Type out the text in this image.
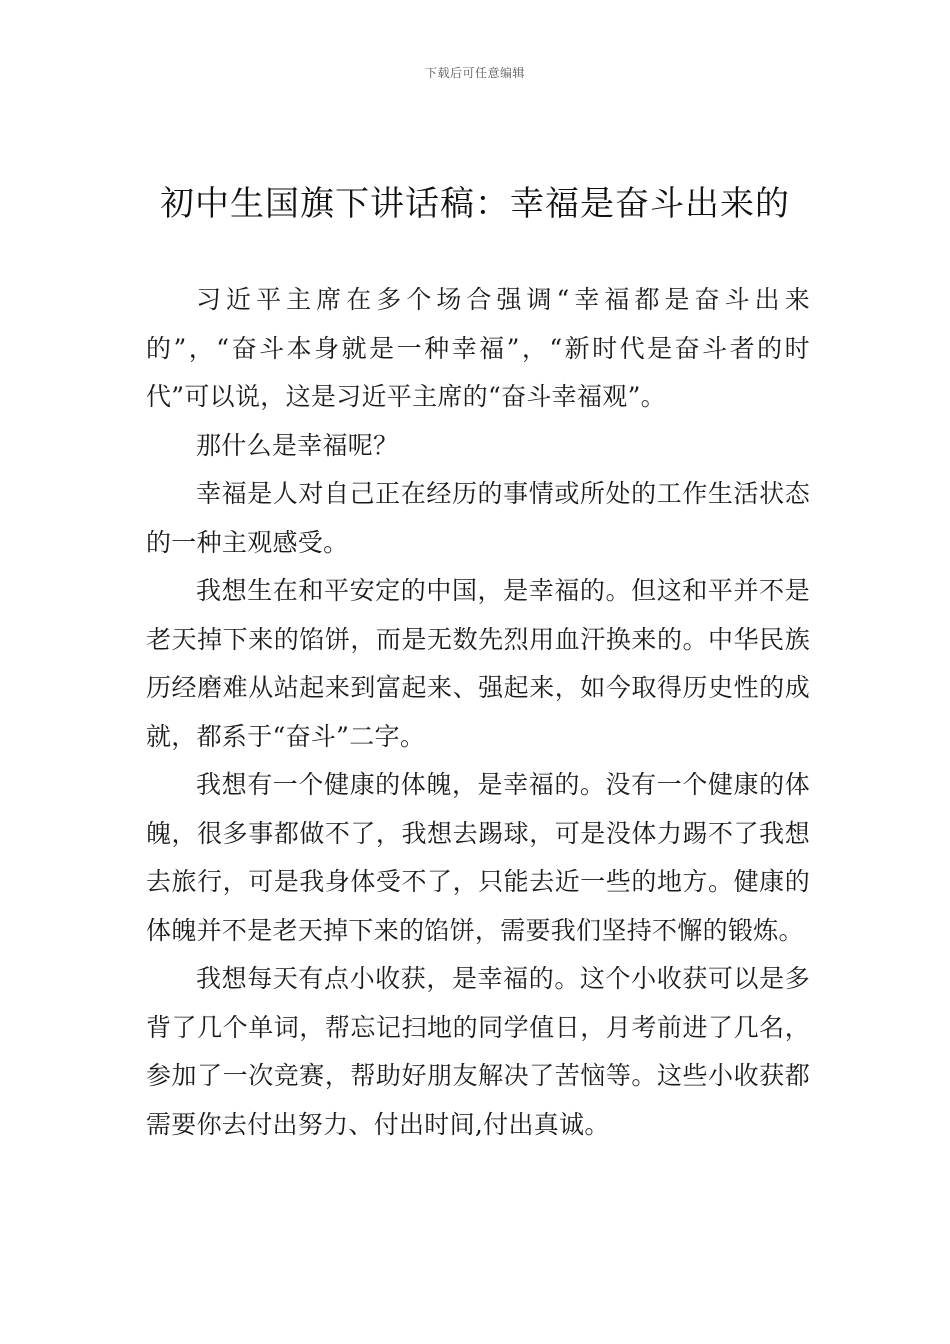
下载后可任意编辑
初中生国旗下讲话稿：幸福是奋斗出来的

习近平主席在多个场合强调“幸福都是奋斗出来的”，“奋斗本身就是一种幸福”，“新时代是奋斗者的时代”可以说，这是习近平主席的“奋斗幸福观”。

那什么是幸福呢？

幸福是人对自己正在经历的事情或所处的工作生活状态的一种主观感受。

我想生在和平安定的中国，是幸福的。但这和平并不是老天掉下来的馅饼，而是无数先烈用血汗换来的。中华民族历经磨难从站起来到富起来、强起来，如今取得历史性的成就，都系于“奋斗”二字。

我想有一个健康的体魄，是幸福的。没有一个健康的体魄，很多事都做不了，我想去踢球，可是没体力踢不了我想去旅行，可是我身体受不了，只能去近一些的地方。健康的体魄并不是老天掉下来的馅饼，需要我们坚持不懈的锻炼。

我想每天有点小收获，是幸福的。这个小收获可以是多背了几个单词，帮忘记扫地的同学值日，月考前进了几名，参加了一次竞赛，帮助好朋友解决了苦恼等。这些小收获都需要你去付出努力、付出时间,付出真诚。
